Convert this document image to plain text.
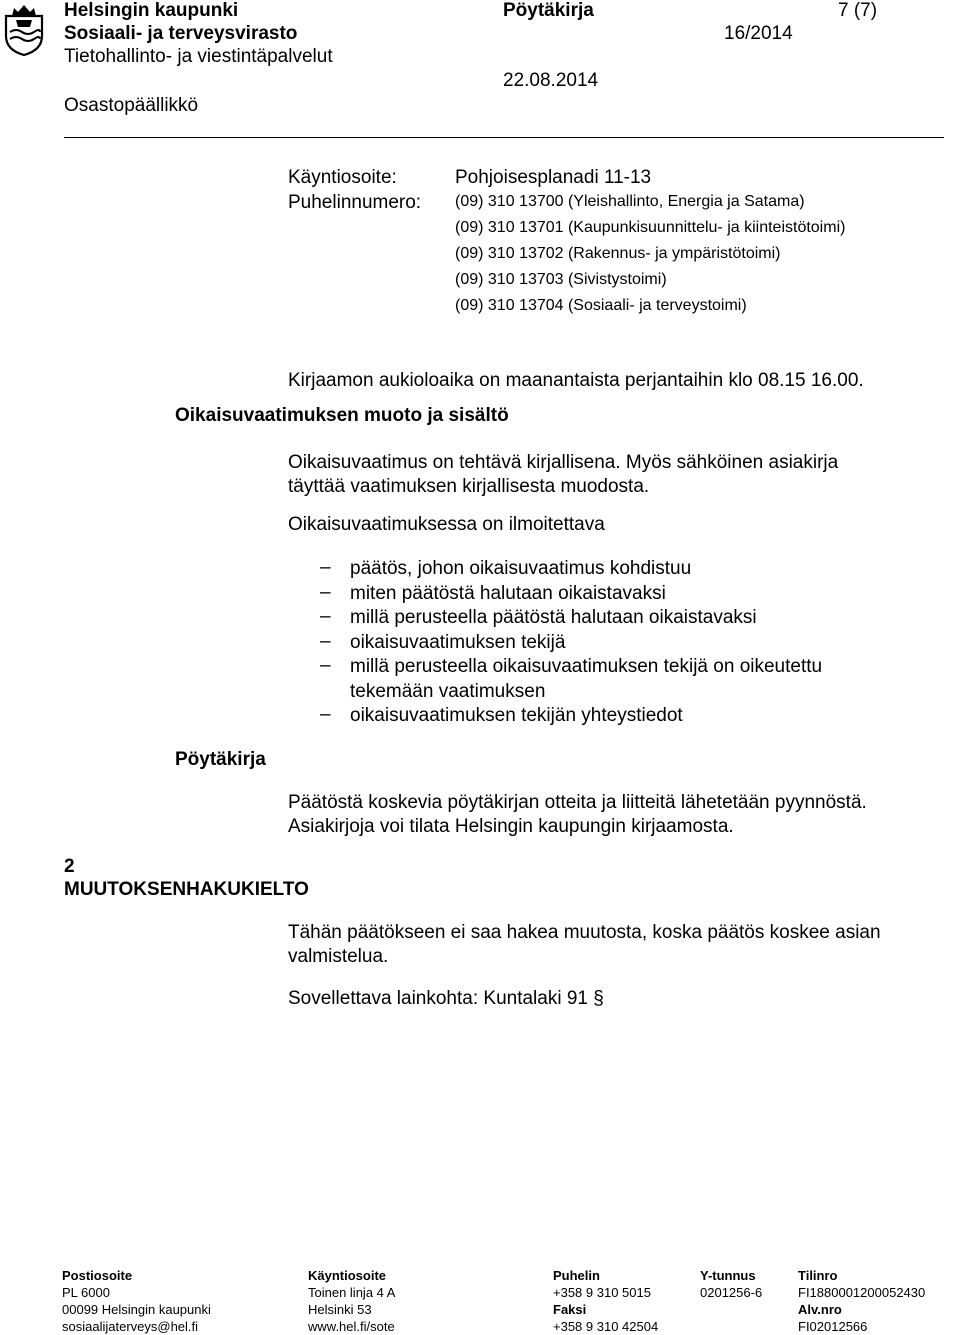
Helsingin kaupunki
Sosiaali- ja terveysvirasto
Tietohallinto- ja viestintäpalvelut
Osastopäällikkö
Pöytäkirja
16/2014
22.08.2014
7 (7)
Käyntiosoite:	Pohjoisesplanadi 11-13
Puhelinnumero: (09) 310 13700 (Yleishallinto, Energia ja Satama)
(09) 310 13701 (Kaupunkisuunnittelu- ja kiinteistötoimi)
(09) 310 13702 (Rakennus- ja ympäristötoimi)
(09) 310 13703 (Sivistystoimi)
(09) 310 13704 (Sosiaali- ja terveystoimi)
Kirjaamon aukioloaika on maanantaista perjantaihin klo 08.15 16.00.
Oikaisuvaatimuksen muoto ja sisältö
Oikaisuvaatimus on tehtävä kirjallisena. Myös sähköinen asiakirja
täyttää vaatimuksen kirjallisesta muodosta.
Oikaisuvaatimuksessa on ilmoitettava
– päätös, johon oikaisuvaatimus kohdistuu
– miten päätöstä halutaan oikaistavaksi
– millä perusteella päätöstä halutaan oikaistavaksi
– oikaisuvaatimuksen tekijä
– millä perusteella oikaisuvaatimuksen tekijä on oikeutettu tekemään vaatimuksen
– oikaisuvaatimuksen tekijän yhteystiedot
Pöytäkirja
Päätöstä koskevia pöytäkirjan otteita ja liitteitä lähetetään pyynnöstä.
Asiakirjoja voi tilata Helsingin kaupungin kirjaamosta.
2
MUUTOKSENHAKUKIELTO
Tähän päätökseen ei saa hakea muutosta, koska päätös koskee asian
valmistelua.
Sovellettava lainkohta: Kuntalaki 91 §
Postiosoite
PL 6000
00099 Helsingin kaupunki
sosiaalijaterveys@hel.fi
Käyntiosoite
Toinen linja 4 A
Helsinki 53
www.hel.fi/sote
Puhelin
+358 9 310 5015
Faksi
+358 9 310 42504
Y-tunnus
0201256-6
Tilinro
FI1880001200052430
Alv.nro
FI02012566
